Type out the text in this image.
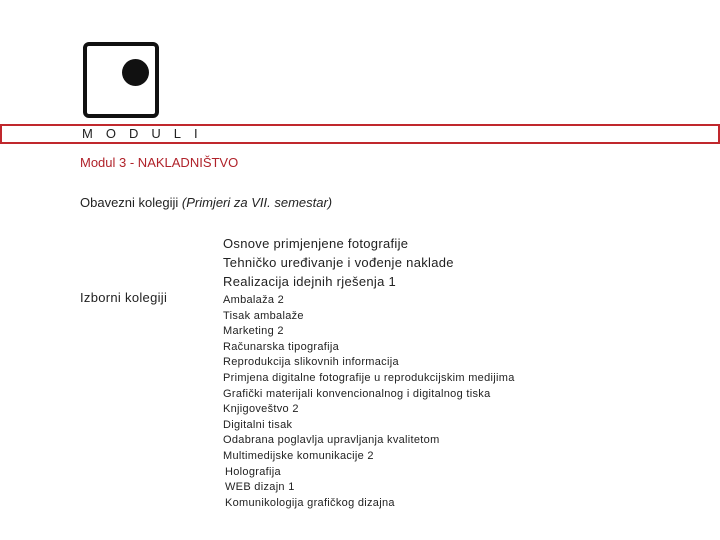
MODULI
Modul 3 - NAKLADNIŠTVO
Obavezni kolegiji (Primjeri za VII. semestar)
Osnove primjenjene fotografije
Tehničko uređivanje i vođenje naklade
Realizacija idejnih rješenja 1
Izborni kolegiji	Ambalaža 2
Tisak ambalaže
Marketing 2
Računarska tipografija
Reprodukcija slikovnih informacija
Primjena digitalne fotografije u reprodukcijskim medijima
Grafički materijali konvencionalnog i digitalnog tiska
Knjigoveštvo 2
Digitalni tisak
Odabrana poglavlja upravljanja kvalitetom
Multimedijske komunikacije 2
Holografija
WEB dizajn 1
Komunikologija grafičkog dizajna
